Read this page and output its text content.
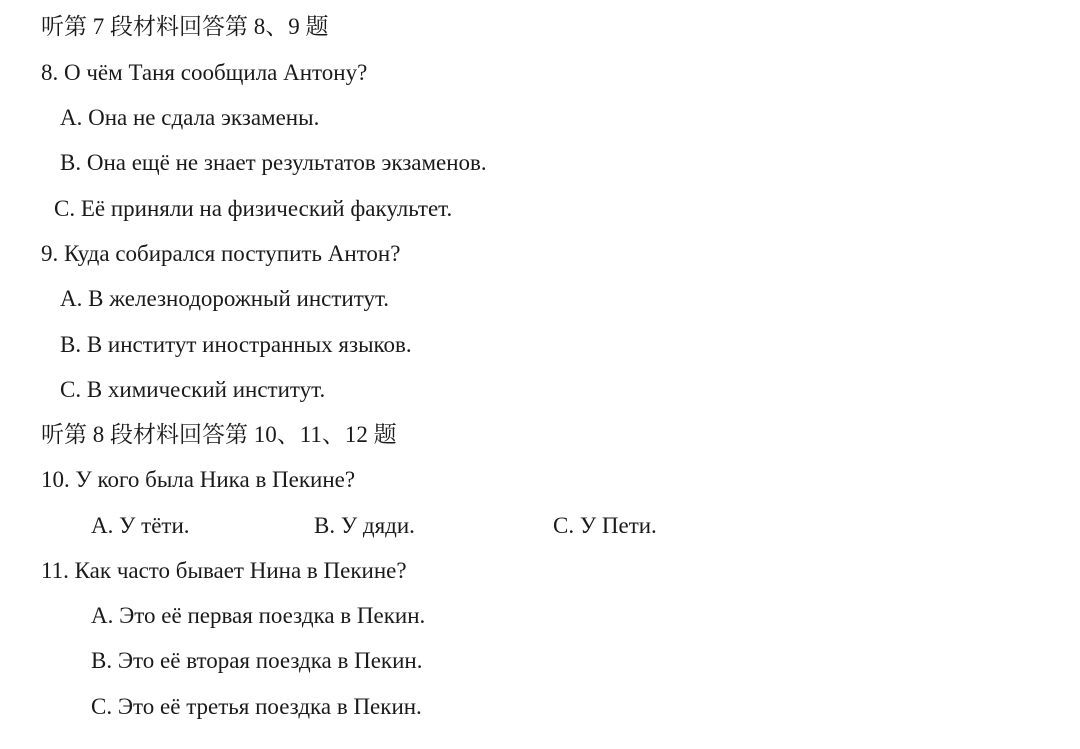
听第 7 段材料回答第 8、9 题
8. О чём Таня сообщила Антону?
А. Она не сдала экзамены.
В. Она ещё не знает результатов экзаменов.
С. Её приняли на физический факультет.
9. Куда собирался поступить Антон?
А. В железнодорожный институт.
В. В институт иностранных языков.
С. В химический институт.
听第 8 段材料回答第 10、11、12 题
10. У кого была Ника в Пекине?
А. У тёти.	В. У дяди.	С. У Пети.
11. Как часто бывает Нина в Пекине?
А. Это её первая поездка в Пекин.
В. Это её вторая поездка в Пекин.
С. Это её третья поездка в Пекин.
